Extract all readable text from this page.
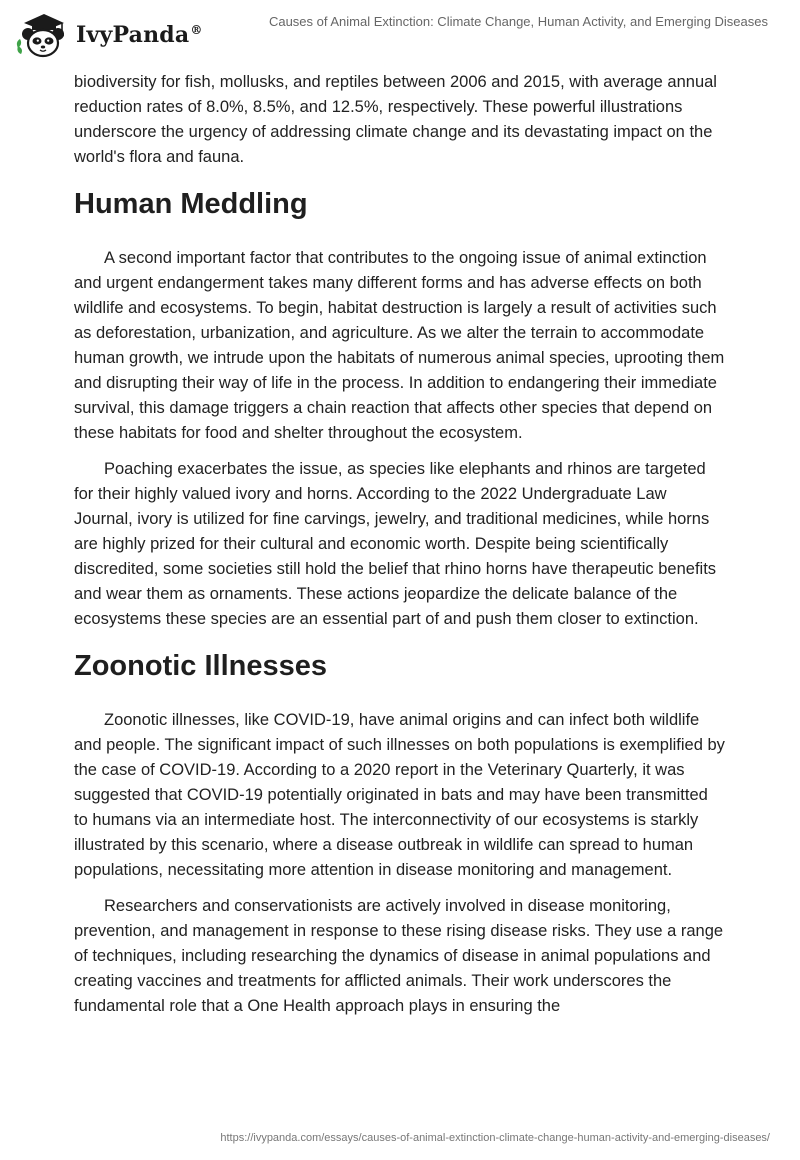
IvyPanda®
Causes of Animal Extinction: Climate Change, Human Activity, and Emerging Diseases

biodiversity for fish, mollusks, and reptiles between 2006 and 2015, with average annual reduction rates of 8.0%, 8.5%, and 12.5%, respectively. These powerful illustrations underscore the urgency of addressing climate change and its devastating impact on the world's flora and fauna.

Human Meddling

A second important factor that contributes to the ongoing issue of animal extinction and urgent endangerment takes many different forms and has adverse effects on both wildlife and ecosystems. To begin, habitat destruction is largely a result of activities such as deforestation, urbanization, and agriculture. As we alter the terrain to accommodate human growth, we intrude upon the habitats of numerous animal species, uprooting them and disrupting their way of life in the process. In addition to endangering their immediate survival, this damage triggers a chain reaction that affects other species that depend on these habitats for food and shelter throughout the ecosystem.

Poaching exacerbates the issue, as species like elephants and rhinos are targeted for their highly valued ivory and horns. According to the 2022 Undergraduate Law Journal, ivory is utilized for fine carvings, jewelry, and traditional medicines, while horns are highly prized for their cultural and economic worth. Despite being scientifically discredited, some societies still hold the belief that rhino horns have therapeutic benefits and wear them as ornaments. These actions jeopardize the delicate balance of the ecosystems these species are an essential part of and push them closer to extinction.

Zoonotic Illnesses

Zoonotic illnesses, like COVID-19, have animal origins and can infect both wildlife and people. The significant impact of such illnesses on both populations is exemplified by the case of COVID-19. According to a 2020 report in the Veterinary Quarterly, it was suggested that COVID-19 potentially originated in bats and may have been transmitted to humans via an intermediate host. The interconnectivity of our ecosystems is starkly illustrated by this scenario, where a disease outbreak in wildlife can spread to human populations, necessitating more attention in disease monitoring and management.

Researchers and conservationists are actively involved in disease monitoring, prevention, and management in response to these rising disease risks. They use a range of techniques, including researching the dynamics of disease in animal populations and creating vaccines and treatments for afflicted animals. Their work underscores the fundamental role that a One Health approach plays in ensuring the

https://ivypanda.com/essays/causes-of-animal-extinction-climate-change-human-activity-and-emerging-diseases/
